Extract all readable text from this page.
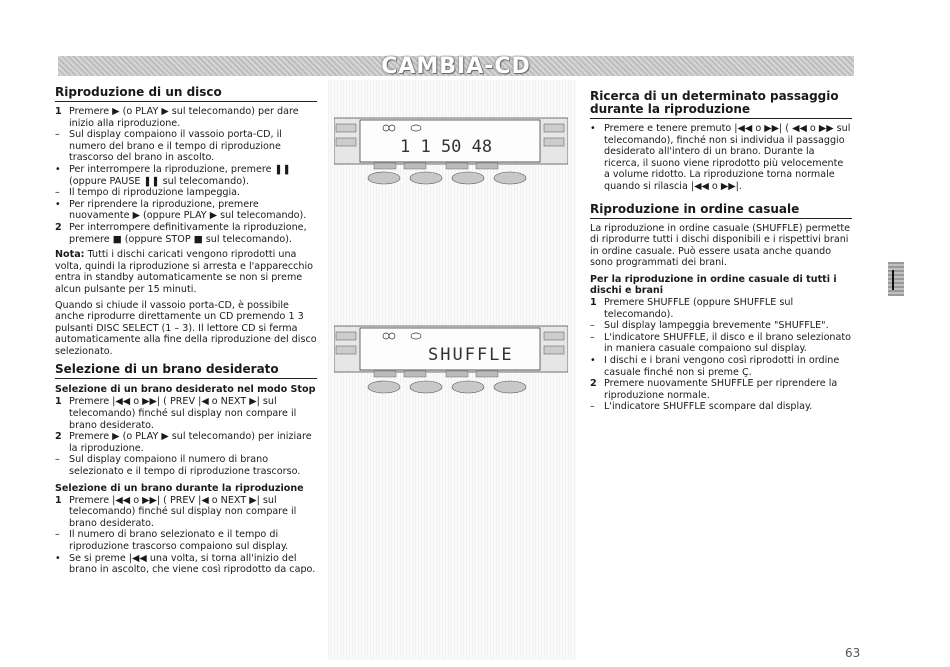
CAMBIA-CD
1 1 50 48
SHUFFLE
Riproduzione di un disco
1 Premere ▶ (o PLAY ▶ sul telecomando) per dare inizio alla riproduzione.
– Sul display compaiono il vassoio porta-CD, il numero del brano e il tempo di riproduzione trascorso del brano in ascolto.
• Per interrompere la riproduzione, premere ❚❚ (oppure PAUSE ❚❚ sul telecomando).
– Il tempo di riproduzione lampeggia.
• Per riprendere la riproduzione, premere nuovamente ▶ (oppure PLAY ▶ sul telecomando).
2 Per interrompere definitivamente la riproduzione, premere ■ (oppure STOP ■ sul telecomando).
Nota: Tutti i dischi caricati vengono riprodotti una volta, quindi la riproduzione si arresta e l'apparecchio entra in standby automaticamente se non si preme alcun pulsante per 15 minuti.
Quando si chiude il vassoio porta-CD, è possibile anche riprodurre direttamente un CD premendo 1 3 pulsanti DISC SELECT (1 – 3). Il lettore CD si ferma automaticamente alla fine della riproduzione del disco selezionato.
Selezione di un brano desiderato
Selezione di un brano desiderato nel modo Stop
1 Premere |◀◀ o ▶▶| ( PREV |◀ o NEXT ▶| sul telecomando) finché sul display non compare il brano desiderato.
2 Premere ▶ (o PLAY ▶ sul telecomando) per iniziare la riproduzione.
– Sul display compaiono il numero di brano selezionato e il tempo di riproduzione trascorso.
Selezione di un brano durante la riproduzione
1 Premere |◀◀ o ▶▶| ( PREV |◀ o NEXT ▶| sul telecomando) finché sul display non compare il brano desiderato.
– Il numero di brano selezionato e il tempo di riproduzione trascorso compaiono sul display.
• Se si preme |◀◀ una volta, si torna all'inizio del brano in ascolto, che viene così riprodotto da capo.
Ricerca di un determinato passaggio durante la riproduzione
• Premere e tenere premuto |◀◀ o ▶▶| ( ◀◀ o ▶▶ sul telecomando), finché non si individua il passaggio desiderato all'intero di un brano. Durante la ricerca, il suono viene riprodotto più velocemente a volume ridotto. La riproduzione torna normale quando si rilascia |◀◀ o ▶▶|.
Riproduzione in ordine casuale
La riproduzione in ordine casuale (SHUFFLE) permette di riprodurre tutti i dischi disponibili e i rispettivi brani in ordine casuale. Può essere usata anche quando sono programmati dei brani.
Per la riproduzione in ordine casuale di tutti i dischi e brani
1 Premere SHUFFLE (oppure SHUFFLE sul telecomando).
– Sul display lampeggia brevemente "SHUFFLE".
– L'indicatore SHUFFLE, il disco e il brano selezionato in maniera casuale compaiono sul display.
• I dischi e i brani vengono così riprodotti in ordine casuale finché non si preme Ç.
2 Premere nuovamente SHUFFLE per riprendere la riproduzione normale.
– L'indicatore SHUFFLE scompare dal display.
63
